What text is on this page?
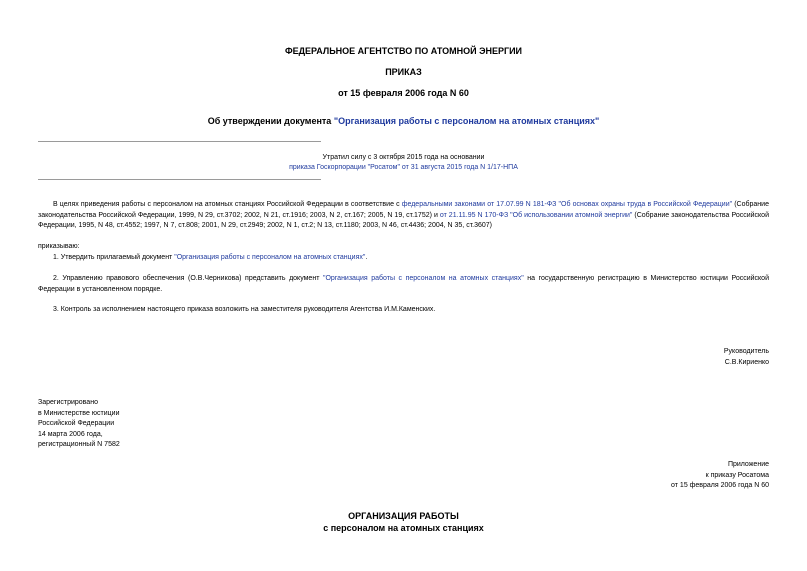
ФЕДЕРАЛЬНОЕ АГЕНТСТВО ПО АТОМНОЙ ЭНЕРГИИ
ПРИКАЗ
от 15 февраля 2006 года N 60
Об утверждении документа "Организация работы с персоналом на атомных станциях"
Утратил силу с 3 октября 2015 года на основании
приказа Госкорпорации "Росатом" от 31 августа 2015 года N 1/17-НПА

В целях приведения работы с персоналом на атомных станциях Российской Федерации в соответствие с федеральными законами от 17.07.99 N 181-ФЗ "Об основах охраны труда в Российской Федерации" (Собрание законодательства Российской Федерации, 1999, N 29, ст.3702; 2002, N 21, ст.1916; 2003, N 2, ст.167; 2005, N 19, ст.1752) и от 21.11.95 N 170-ФЗ "Об использовании атомной энергии" (Собрание законодательства Российской Федерации, 1995, N 48, ст.4552; 1997, N 7, ст.808; 2001, N 29, ст.2949; 2002, N 1, ст.2; N 13, ст.1180; 2003, N 46, ст.4436; 2004, N 35, ст.3607)

приказываю:

1. Утвердить прилагаемый документ "Организация работы с персоналом на атомных станциях".

2. Управлению правового обеспечения (О.В.Черникова) представить документ "Организация работы с персоналом на атомных станциях" на государственную регистрацию в Министерство юстиции Российской Федерации в установленном порядке.

3. Контроль за исполнением настоящего приказа возложить на заместителя руководителя Агентства И.М.Каменских.
Руководитель
С.В.Кириенко
Зарегистрировано
в Министерстве юстиции
Российской Федерации
14 марта 2006 года,
регистрационный N 7582
Приложение
к приказу Росатома
от 15 февраля 2006 года N 60
ОРГАНИЗАЦИЯ РАБОТЫ
с персоналом на атомных станциях
